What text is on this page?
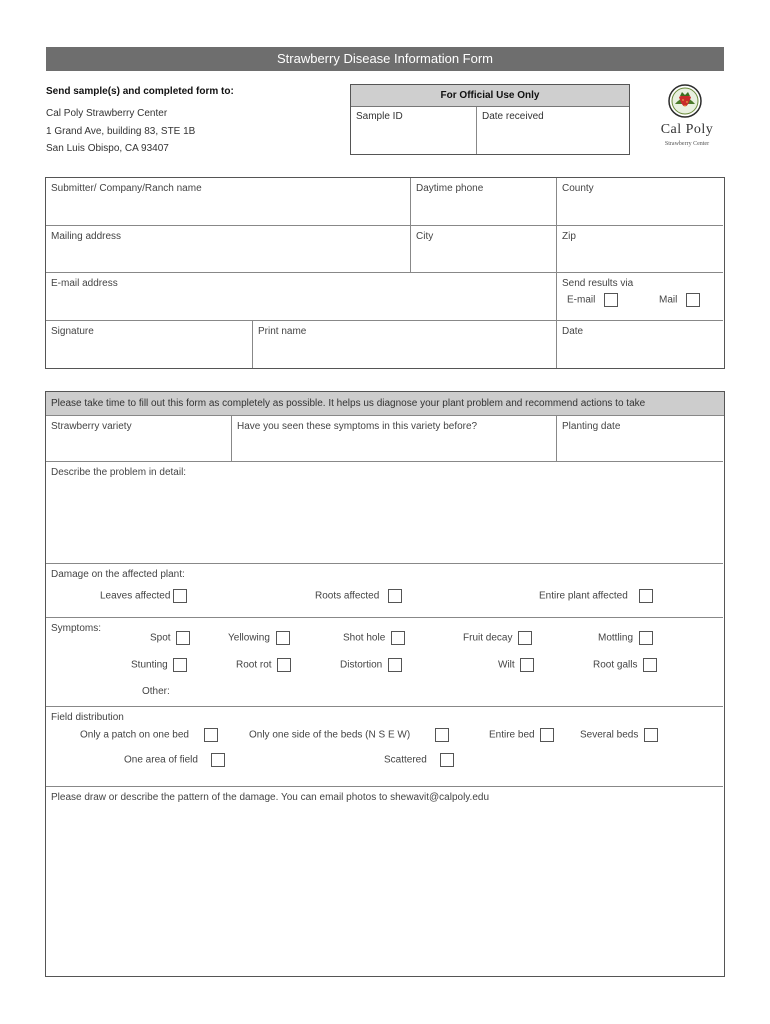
Strawberry Disease Information Form
Send sample(s) and completed form to:
Cal Poly Strawberry Center
1 Grand Ave, building 83, STE 1B
San Luis Obispo, CA 93407
For Official Use Only
Sample ID	Date received
Cal Poly
Strawberry Center
Submitter/ Company/Ranch name	Daytime phone	County
Mailing address	City	Zip
E-mail address	Send results via
E-mail	Mail
Signature	Print name	Date
Please take time to fill out this form as completely as possible. It helps us diagnose your plant problem and recommend actions to take
Strawberry variety	Have you seen these symptoms in this variety before?	Planting date
Describe the problem in detail:
Damage on the affected plant:
Leaves affected	Roots affected	Entire plant affected
Symptoms:
Spot	Yellowing	Shot hole	Fruit decay	Mottling
Stunting	Root rot	Distortion	Wilt	Root galls
Other:
Field distribution
Only a patch on one bed	Only one side of the beds (N S E W)	Entire bed	Several beds
One area of field	Scattered
Please draw or describe the pattern of the damage. You can email photos to shewavit@calpoly.edu
